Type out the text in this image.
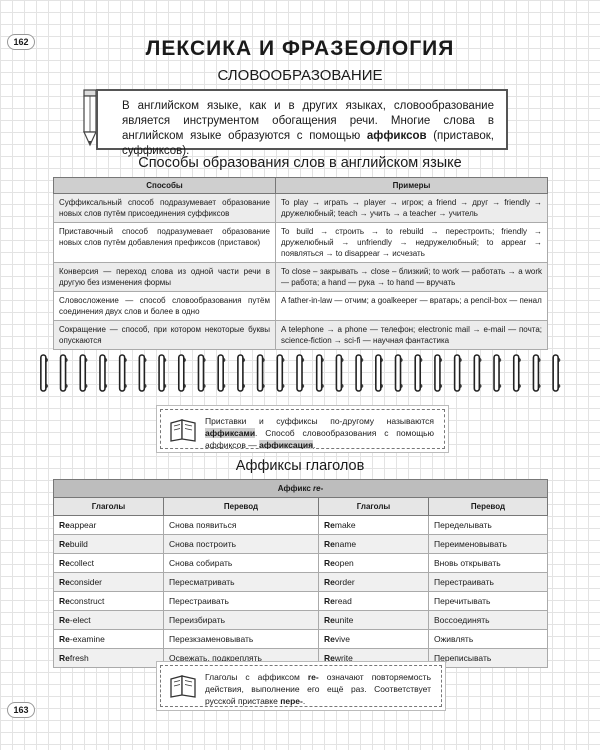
162	ЛЕКСИКА И ФРАЗЕОЛОГИЯ
СЛОВООБРАЗОВАНИЕ
В английском языке, как и в других языках, словообразование является инструментом обогащения речи. Многие слова в английском языке образуются с помощью аффиксов (приставок, суффиксов).
Способы образования слов в английском языке
Способы	Примеры
Суффиксальный способ подразумевает образование новых слов путём присоединения суффиксов	To play → играть → player → игрок; a friend → друг → friendly → дружелюбный; teach → учить → a teacher → учитель
Приставочный способ подразумевает образование новых слов путём добавления префиксов (приставок)	To build → строить → to rebuild → перестроить; friendly → дружелюбный → unfriendly → недружелюбный; to appear → появляться → to disappear → исчезать
Конверсия — переход слова из одной части речи в другую без изменения формы	To close – закрывать → close – близкий; to work — работать → a work — работа; a hand — рука → to hand — вручать
Словосложение — способ словообразования путём соединения двух слов и более в одно	A father-in-law — отчим; a goalkeeper — вратарь; a pencil-box — пенал
Сокращение — способ, при котором некоторые буквы опускаются	A telephone → a phone — телефон; electronic mail → e-mail — почта; science-fiction → sci-fi — научная фантастика
Приставки и суффиксы по-другому называются аффиксами. Способ словообразования с помощью аффиксов — аффиксация.
Аффиксы глаголов
Аффикс re-			
Глаголы	Перевод	Глаголы	Перевод
Reappear	Снова появиться	Remake	Переделывать
Rebuild	Снова построить	Rename	Переименовывать
Recollect	Снова собирать	Reopen	Вновь открывать
Reconsider	Пересматривать	Reorder	Перестраивать
Reconstruct	Перестраивать	Reread	Перечитывать
Re-elect	Переизбирать	Reunite	Воссоединять
Re-examine	Перезкзаменовывать	Revive	Оживлять
Refresh	Освежать, подкреплять	Rewrite	Переписывать
Глаголы с аффиксом re- означают повторяемость действия, выполнение его ещё раз. Соответствует русской приставке пере-.
163
